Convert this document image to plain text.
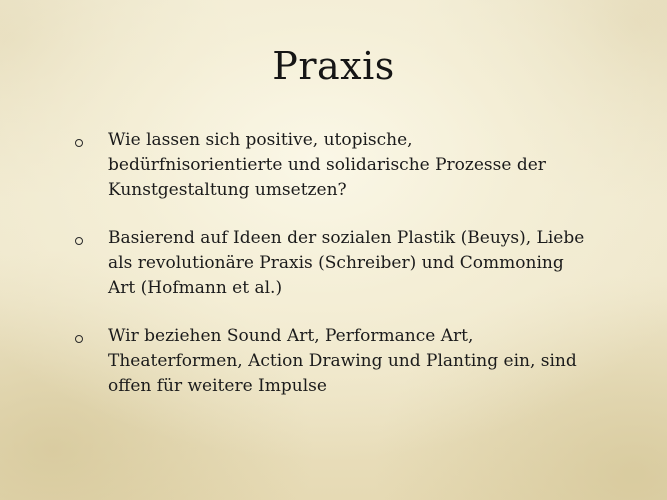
Praxis
Wie lassen sich positive, utopische,
bedürfnisorientierte und solidarische Prozesse der
Kunstgestaltung umsetzen?
Basierend auf Ideen der sozialen Plastik (Beuys), Liebe
als revolutionäre Praxis (Schreiber) und Commoning
Art (Hofmann et al.)
Wir beziehen Sound Art, Performance Art,
Theaterformen, Action Drawing und Planting ein, sind
offen für weitere Impulse
